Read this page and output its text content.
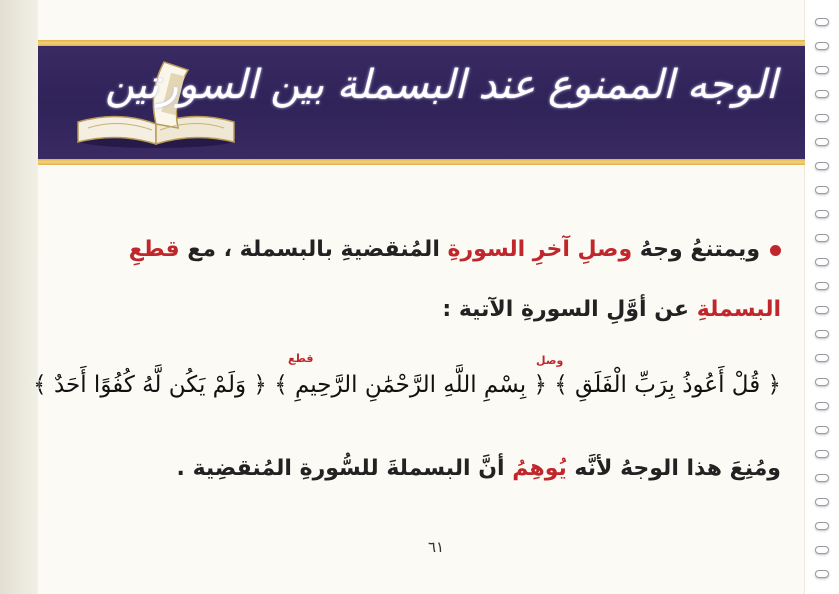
الوجه الممنوع عند البسملة بين السورتين
ويمتنعُ وجهُ وصلِ آخرِ السورةِ المُنقضيةِ بالبسملة ، مع قطعِ
البسملةِ عن أوَّلِ السورةِ الآتية :
قطع	وصل
﴿ قُلْ أَعُوذُ بِرَبِّ الْفَلَقِ ﴾ ﴿ بِسْمِ اللَّهِ الرَّحْمَٰنِ الرَّحِيمِ ﴾ ﴿ وَلَمْ يَكُن لَّهُ كُفُوًا أَحَدٌ ﴾
ومُنِعَ هذا الوجهُ لأنَّه يُوهِمُ أنَّ البسملةَ للسُّورةِ المُنقضِية .
٦١
